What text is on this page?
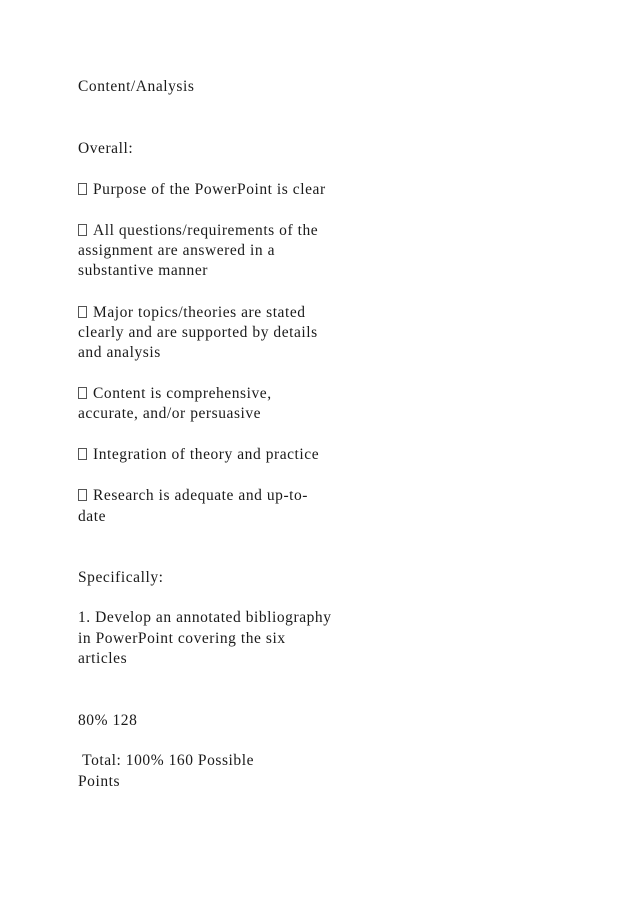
Content/Analysis
Overall:
Purpose of the PowerPoint is clear
All questions/requirements of the
assignment are answered in a
substantive manner
Major topics/theories are stated
clearly and are supported by details
and analysis
Content is comprehensive,
accurate, and/or persuasive
Integration of theory and practice
Research is adequate and up-to-
date
Specifically:
1. Develop an annotated bibliography
in PowerPoint covering the six
articles
80% 128
Total: 100% 160 Possible
Points
